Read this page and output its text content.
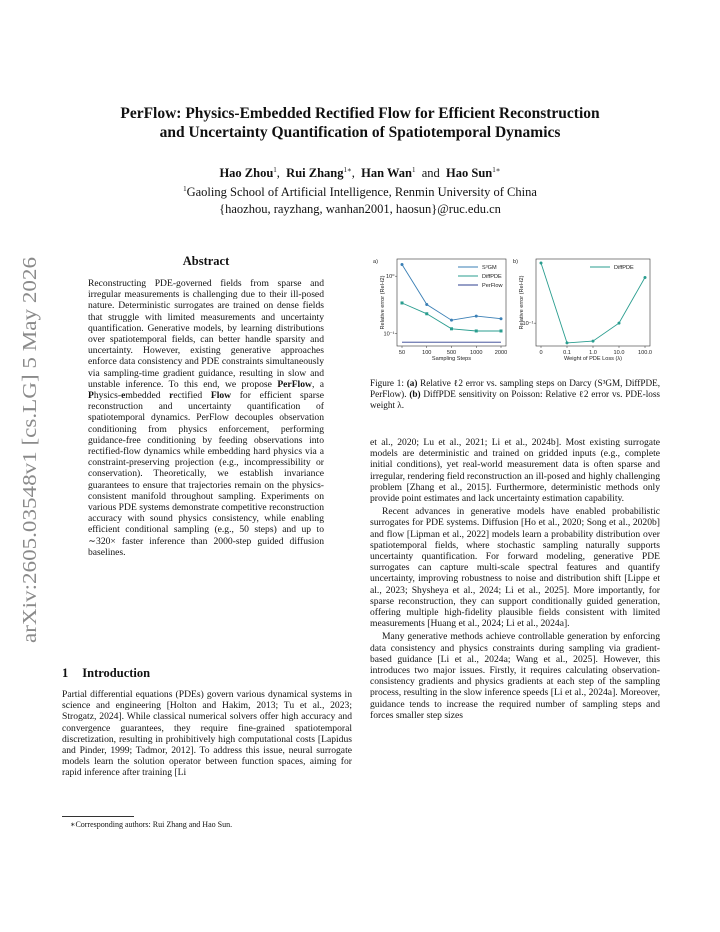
arXiv:2605.03548v1 [cs.LG] 5 May 2026
PerFlow: Physics-Embedded Rectified Flow for Efficient Reconstruction
and Uncertainty Quantification of Spatiotemporal Dynamics
Hao Zhou$^1$, Rui Zhang$^{1∗}$, Han Wan$^1$ and Hao Sun$^{1∗}$
$^1$Gaoling School of Artificial Intelligence, Renmin University of China
{haozhou, rayzhang, wanhan2001, haosun}@ruc.edu.cn
Abstract
Reconstructing PDE-governed fields from sparse and irregular measurements is challenging due to their ill-posed nature. Deterministic surrogates are trained on dense fields that struggle with limited measurements and uncertainty quantification. Generative models, by learning distributions over spatiotemporal fields, can better handle sparsity and uncertainty. However, existing generative approaches enforce data consistency and PDE constraints simultaneously via sampling-time gradient guidance, resulting in slow and unstable inference. To this end, we propose PerFlow, a Physics-embedded rectified Flow for efficient sparse reconstruction and uncertainty quantification of spatiotemporal dynamics. PerFlow decouples observation conditioning from physics enforcement, performing guidance-free conditioning by feeding observations into rectified-flow dynamics while embedding hard physics via a constraint-preserving projection (e.g., incompressibility or conservation). Theoretically, we establish invariance guarantees to ensure that trajectories remain on the physics-consistent manifold throughout sampling. Experiments on various PDE systems demonstrate competitive reconstruction accuracy with sound physics consistency, while enabling efficient conditional sampling (e.g., 50 steps) and up to ∼320× faster inference than 2000-step guided diffusion baselines.
1 Introduction
Partial differential equations (PDEs) govern various dynamical systems in science and engineering [Holton and Hakim, 2013; Tu et al., 2023; Strogatz, 2024]. While classical numerical solvers offer high accuracy and convergence guarantees, they require fine-grained spatiotemporal discretization, resulting in prohibitively high computational costs [Lapidus and Pinder, 1999; Tadmor, 2012]. To address this issue, neural surrogate models learn the solution operator between function spaces, aiming for rapid inference after training [Li
∗Corresponding authors: Rui Zhang and Hao Sun.
a)	b)
50	100	500 1000 2000
10⁻¹
10⁰
Sampling Steps
Relative error (Rel-ℓ2)
S³GM
DiffPDE
PerFlow
0	0.1	1.0	10.0 100.0
10⁻¹
Weight of PDE Loss (λ)
Relative error (Rel-ℓ2)
DiffPDE
Figure 1: (a) Relative ℓ2 error vs. sampling steps on Darcy (S³GM, DiffPDE, PerFlow). (b) DiffPDE sensitivity on Poisson: Relative ℓ2 error vs. PDE-loss weight λ.

et al., 2020; Lu et al., 2021; Li et al., 2024b]. Most existing surrogate models are deterministic and trained on gridded inputs (e.g., complete initial conditions), yet real-world measurement data is often sparse and irregular, rendering field reconstruction an ill-posed and highly challenging problem [Zhang et al., 2015]. Furthermore, deterministic methods only provide point estimates and lack uncertainty estimation capability.

Recent advances in generative models have enabled probabilistic surrogates for PDE systems. Diffusion [Ho et al., 2020; Song et al., 2020b] and flow [Lipman et al., 2022] models learn a probability distribution over spatiotemporal fields, where stochastic sampling naturally supports uncertainty quantification. For forward modeling, generative PDE surrogates can capture multi-scale spectral features and quantify uncertainty, improving robustness to noise and distribution shift [Lippe et al., 2023; Shysheya et al., 2024; Li et al., 2025]. More importantly, for sparse reconstruction, they can support conditionally guided generation, offering multiple high-fidelity plausible fields consistent with limited measurements [Huang et al., 2024; Li et al., 2024a].

Many generative methods achieve controllable generation by enforcing data consistency and physics constraints during sampling via gradient-based guidance [Li et al., 2024a; Wang et al., 2025]. However, this introduces two major issues. Firstly, it requires calculating observation-consistency gradients and physics gradients at each step of the sampling process, resulting in the slow inference speeds [Li et al., 2024a]. Moreover, guidance tends to increase the required number of sampling steps and forces smaller step sizes
